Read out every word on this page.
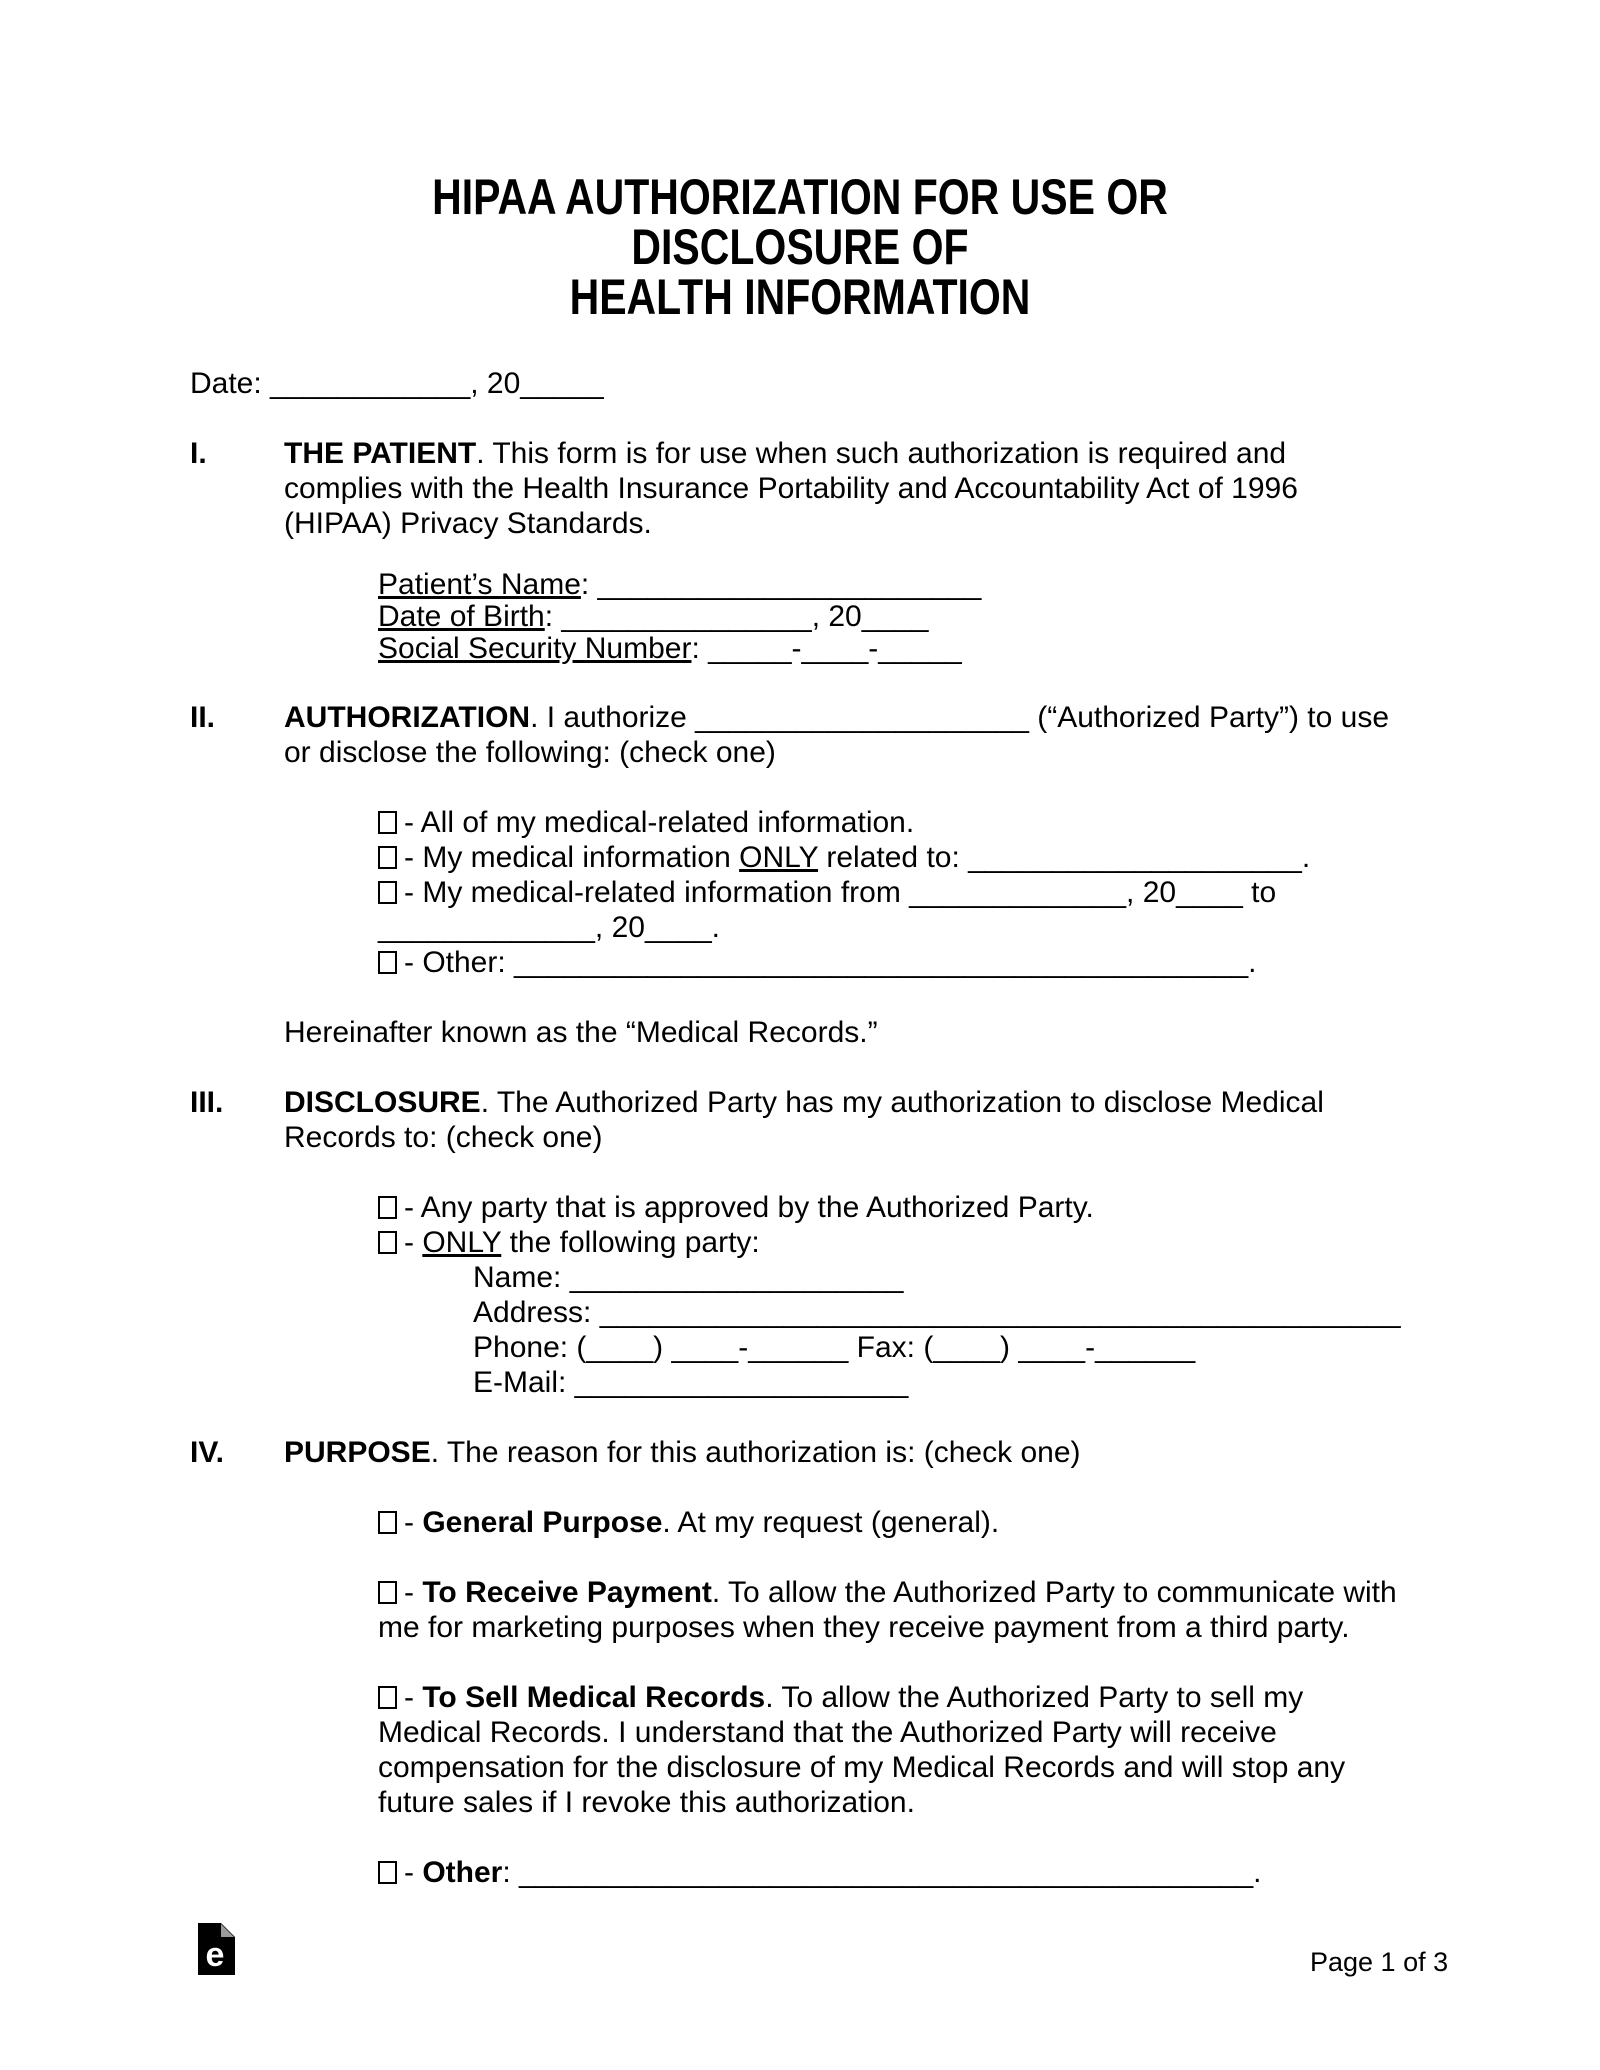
HIPAA AUTHORIZATION FOR USE OR DISCLOSURE OF
HEALTH INFORMATION
Date: ____________, 20_____
I.	THE PATIENT. This form is for use when such authorization is required and complies with the Health Insurance Portability and Accountability Act of 1996 (HIPAA) Privacy Standards.
Patient’s Name: _______________________
Date of Birth: _______________, 20____
Social Security Number: _____-____-_____
II.	AUTHORIZATION. I authorize ____________________ (“Authorized Party”) to use
or disclose the following: (check one)
- All of my medical-related information.
- My medical information ONLY related to: ____________________.
- My medical-related information from _____________, 20____ to
_____________, 20____.
- Other: ____________________________________________.
Hereinafter known as the “Medical Records.”
III.	DISCLOSURE. The Authorized Party has my authorization to disclose Medical Records to: (check one)
- Any party that is approved by the Authorized Party.
- ONLY the following party:
Name: ____________________
Address: ________________________________________________
Phone: (____) ____-______ Fax: (____) ____-______
E-Mail: ____________________
IV.	PURPOSE. The reason for this authorization is: (check one)
- General Purpose. At my request (general).
- To Receive Payment. To allow the Authorized Party to communicate with me for marketing purposes when they receive payment from a third party.
- To Sell Medical Records. To allow the Authorized Party to sell my Medical Records. I understand that the Authorized Party will receive compensation for the disclosure of my Medical Records and will stop any future sales if I revoke this authorization.
- Other: ____________________________________________.
e	Page 1 of 3
